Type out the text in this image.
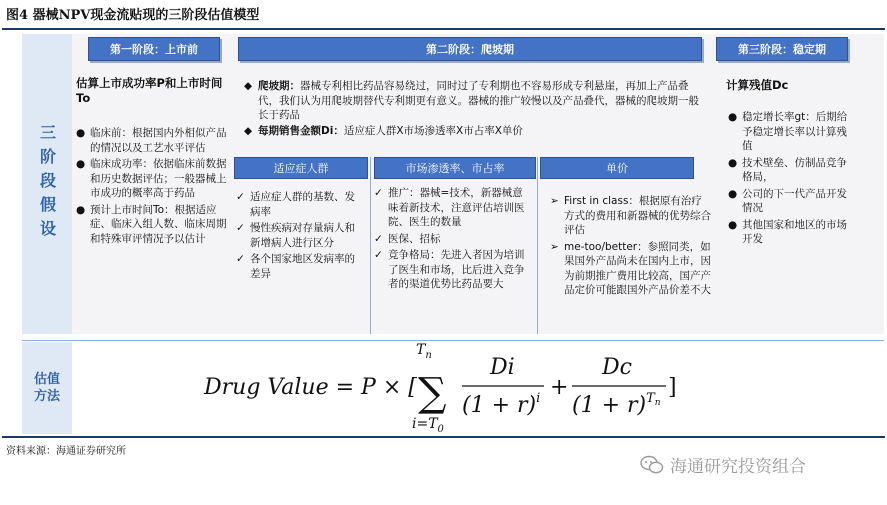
图4 器械NPV现金流贴现的三阶段估值模型
三阶段假设
第一阶段：上市前	第二阶段：爬坡期	第三阶段：稳定期
估算上市成功率P和上市时间To
● 临床前：根据国内外相似产品的情况以及工艺水平评估
● 临床成功率：依据临床前数据和历史数据评估；一般器械上市成功的概率高于药品
● 预计上市时间To：根据适应症、临床入组人数、临床周期和特殊审评情况予以估计
◆ 爬坡期：器械专利相比药品容易绕过，同时过了专利期也不容易形成专利悬崖，再加上产品叠代，我们认为用爬坡期替代专利期更有意义。器械的推广较慢以及产品叠代，器械的爬坡期一般长于药品
◆ 每期销售金额Di：适应症人群X市场渗透率X市占率X单价
适应症人群	市场渗透率、市占率	单价
✓ 适应症人群的基数、发病率
✓ 慢性疾病对存量病人和新增病人进行区分
✓ 各个国家地区发病率的差异
✓ 推广：器械=技术，新器械意味着新技术，注意评估培训医院、医生的数量
✓ 医保、招标
✓ 竞争格局：先进入者因为培训了医生和市场，比后进入竞争者的渠道优势比药品要大
➢ First in class：根据原有治疗方式的费用和新器械的优势综合评估
➢ me-too/better：参照同类，如果国外产品尚未在国内上市，因为前期推广费用比较高，国产产品定价可能跟国外产品价差不大
计算残值Dc
● 稳定增长率gt：后期给予稳定增长率以计算残值
● 技术壁垒、仿制品竞争格局，
● 公司的下一代产品开发情况
● 其他国家和地区的市场开发
估值方法	Drug Value = P × [
$T_n$
∑
$i=T_0$
Di
$(1 + r)^i$ +
Dc
$(1 + r)^Tn$
]
资料来源：海通证券研究所
海通研究投资组合
